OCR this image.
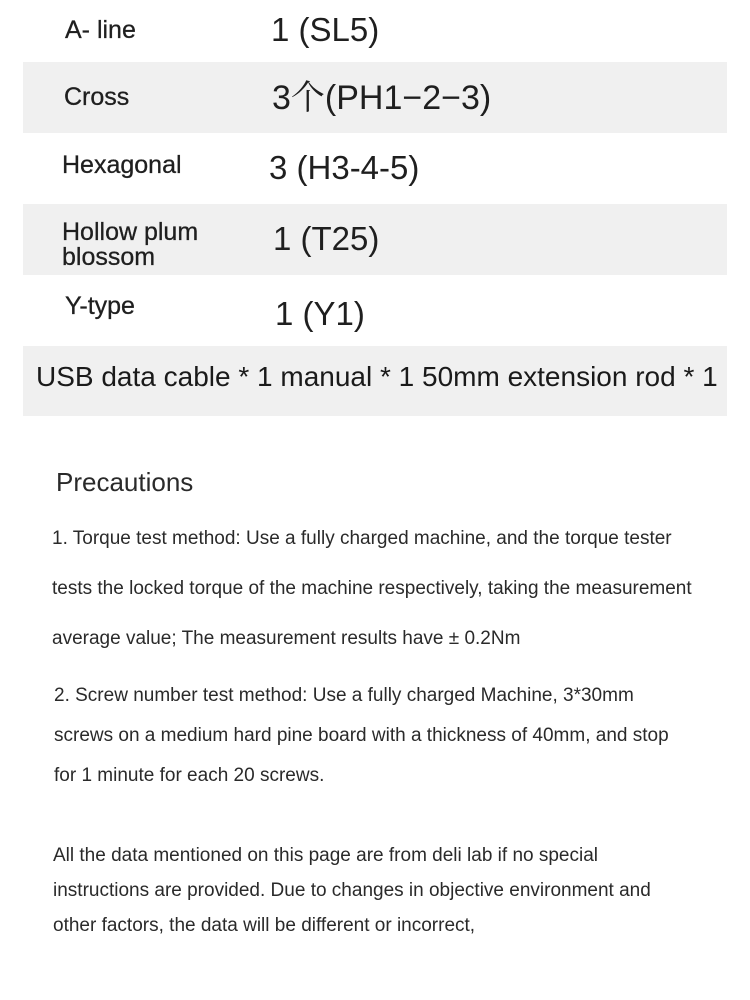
A- line	1 (SL5)
Cross	3个(PH1−2−3)
Hexagonal	3 (H3-4-5)
Hollow plum blossom	1 (T25)
Y-type	1 (Y1)
USB data cable * 1 manual * 1 50mm extension rod * 1
Precautions
1. Torque test method: Use a fully charged machine, and the torque tester tests the locked torque of the machine respectively, taking the measurement average value; The measurement results have ± 0.2Nm
2. Screw number test method: Use a fully charged Machine, 3*30mm screws on a medium hard pine board with a thickness of 40mm, and stop for 1 minute for each 20 screws.
All the data mentioned on this page are from deli lab if no special instructions are provided. Due to changes in objective environment and other factors, the data will be different or incorrect,
